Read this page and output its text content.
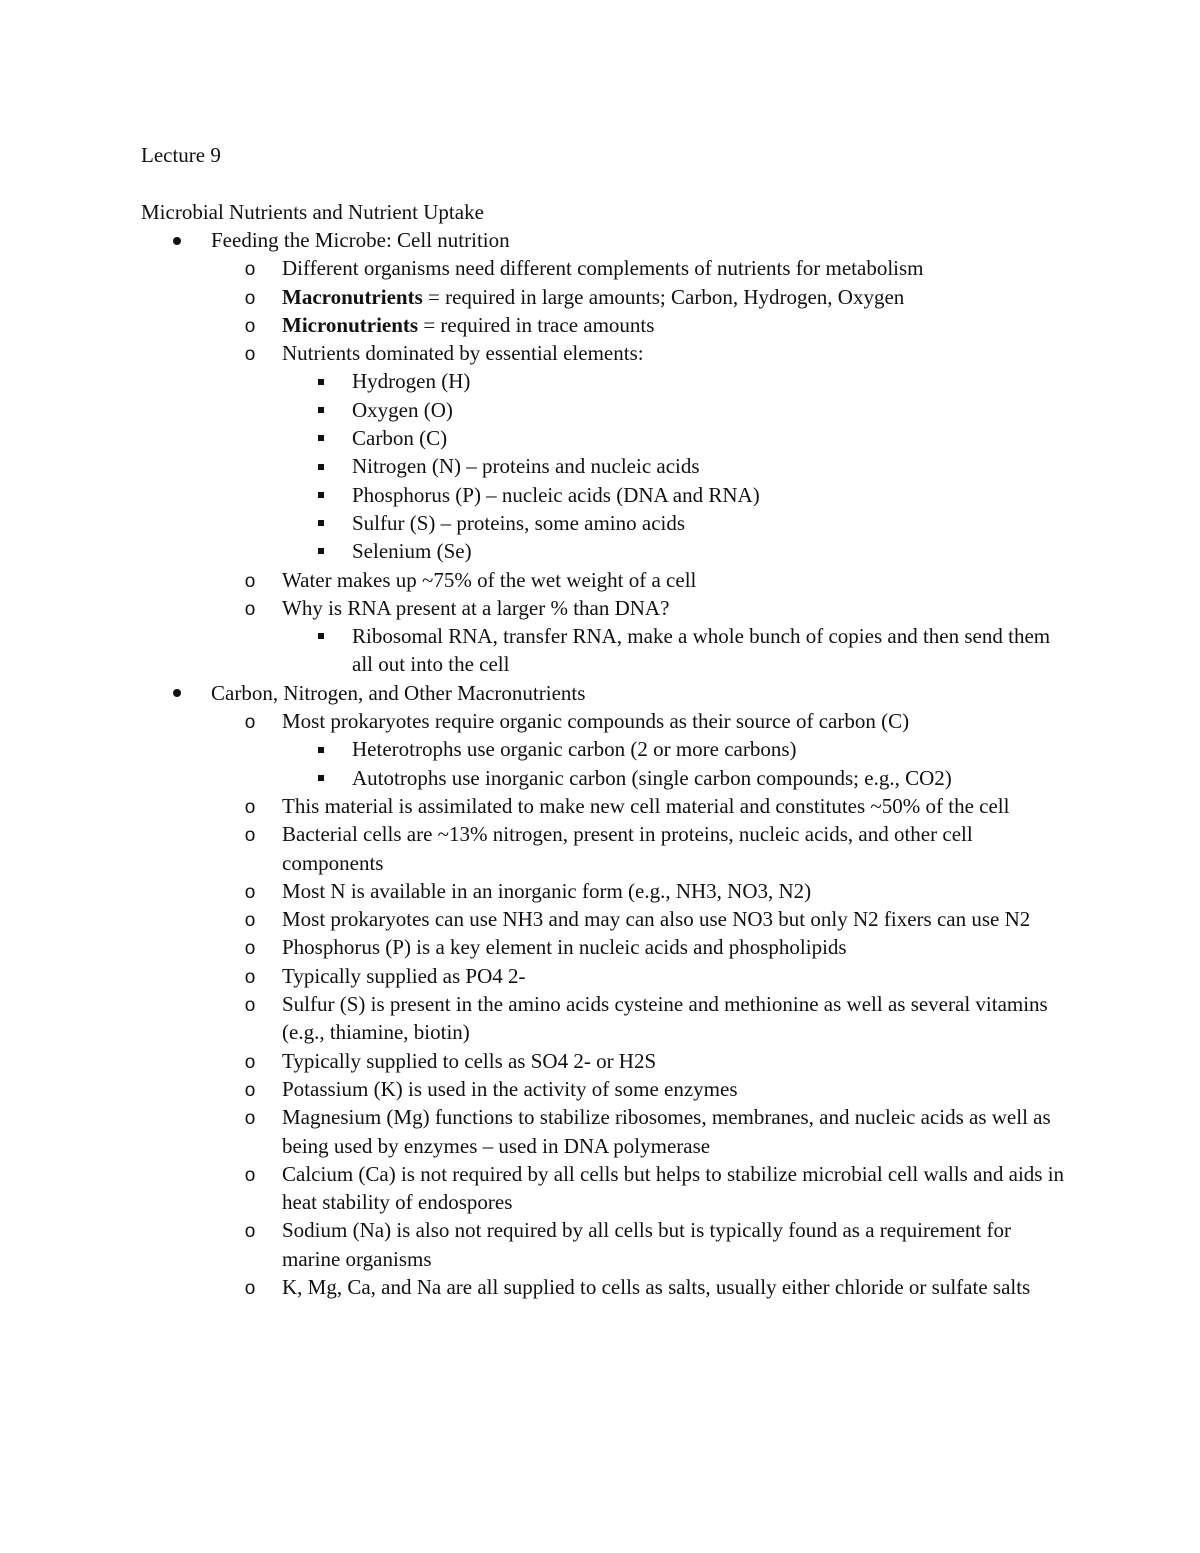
Lecture 9
Microbial Nutrients and Nutrient Uptake
Feeding the Microbe: Cell nutrition
o Different organisms need different complements of nutrients for metabolism
o Macronutrients = required in large amounts; Carbon, Hydrogen, Oxygen
o Micronutrients = required in trace amounts
o Nutrients dominated by essential elements:
Hydrogen (H)
Oxygen (O)
Carbon (C)
Nitrogen (N) – proteins and nucleic acids
Phosphorus (P) – nucleic acids (DNA and RNA)
Sulfur (S) – proteins, some amino acids
Selenium (Se)
o Water makes up ~75% of the wet weight of a cell
o Why is RNA present at a larger % than DNA?
Ribosomal RNA, transfer RNA, make a whole bunch of copies and then send them all out into the cell
Carbon, Nitrogen, and Other Macronutrients
o Most prokaryotes require organic compounds as their source of carbon (C)
Heterotrophs use organic carbon (2 or more carbons)
Autotrophs use inorganic carbon (single carbon compounds; e.g., CO2)
o This material is assimilated to make new cell material and constitutes ~50% of the cell
o Bacterial cells are ~13% nitrogen, present in proteins, nucleic acids, and other cell components
o Most N is available in an inorganic form (e.g., NH3, NO3, N2)
o Most prokaryotes can use NH3 and may can also use NO3 but only N2 fixers can use N2
o Phosphorus (P) is a key element in nucleic acids and phospholipids
o Typically supplied as PO4 2-
o Sulfur (S) is present in the amino acids cysteine and methionine as well as several vitamins (e.g., thiamine, biotin)
o Typically supplied to cells as SO4 2- or H2S
o Potassium (K) is used in the activity of some enzymes
o Magnesium (Mg) functions to stabilize ribosomes, membranes, and nucleic acids as well as being used by enzymes – used in DNA polymerase
o Calcium (Ca) is not required by all cells but helps to stabilize microbial cell walls and aids in heat stability of endospores
o Sodium (Na) is also not required by all cells but is typically found as a requirement for marine organisms
o K, Mg, Ca, and Na are all supplied to cells as salts, usually either chloride or sulfate salts
